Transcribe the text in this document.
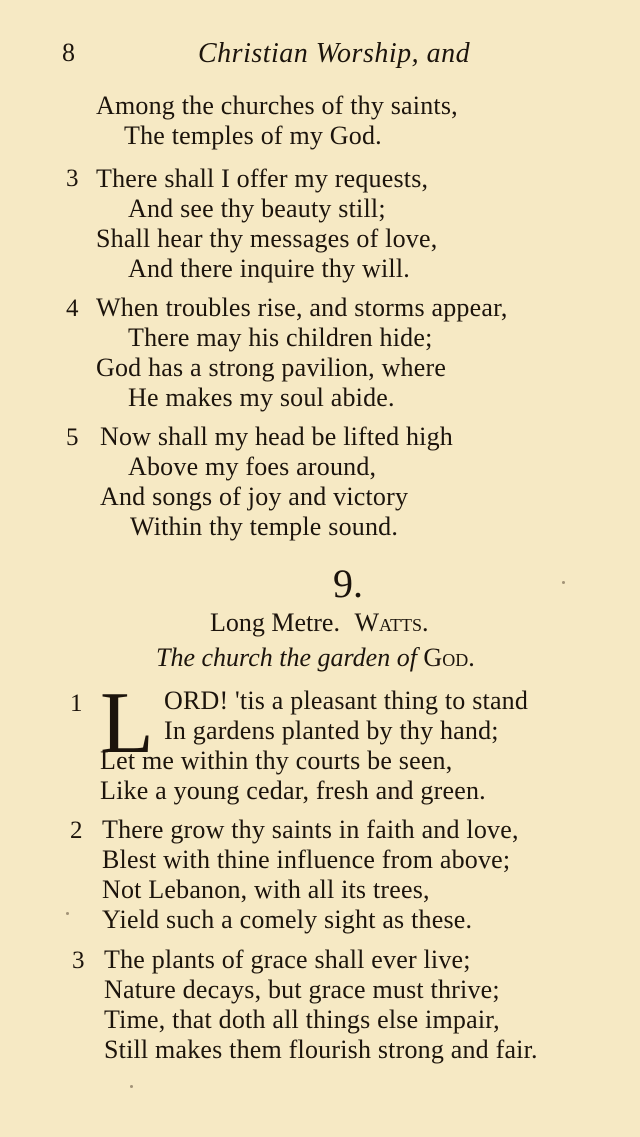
8	Christian Worship, and
Among the churches of thy saints,
The temples of my God.
3 There shall I offer my requests,
And see thy beauty still;
Shall hear thy messages of love,
And there inquire thy will.
4 When troubles rise, and storms appear,
There may his children hide;
God has a strong pavilion, where
He makes my soul abide.
5 Now shall my head be lifted high
Above my foes around,
And songs of joy and victory
Within thy temple sound.
9.
Long Metre. Watts.
The church the garden of God.
1 L ORD! 'tis a pleasant thing to stand
In gardens planted by thy hand;
Let me within thy courts be seen,
Like a young cedar, fresh and green.
2 There grow thy saints in faith and love,
Blest with thine influence from above;
Not Lebanon, with all its trees,
Yield such a comely sight as these.
3 The plants of grace shall ever live;
Nature decays, but grace must thrive;
Time, that doth all things else impair,
Still makes them flourish strong and fair.
